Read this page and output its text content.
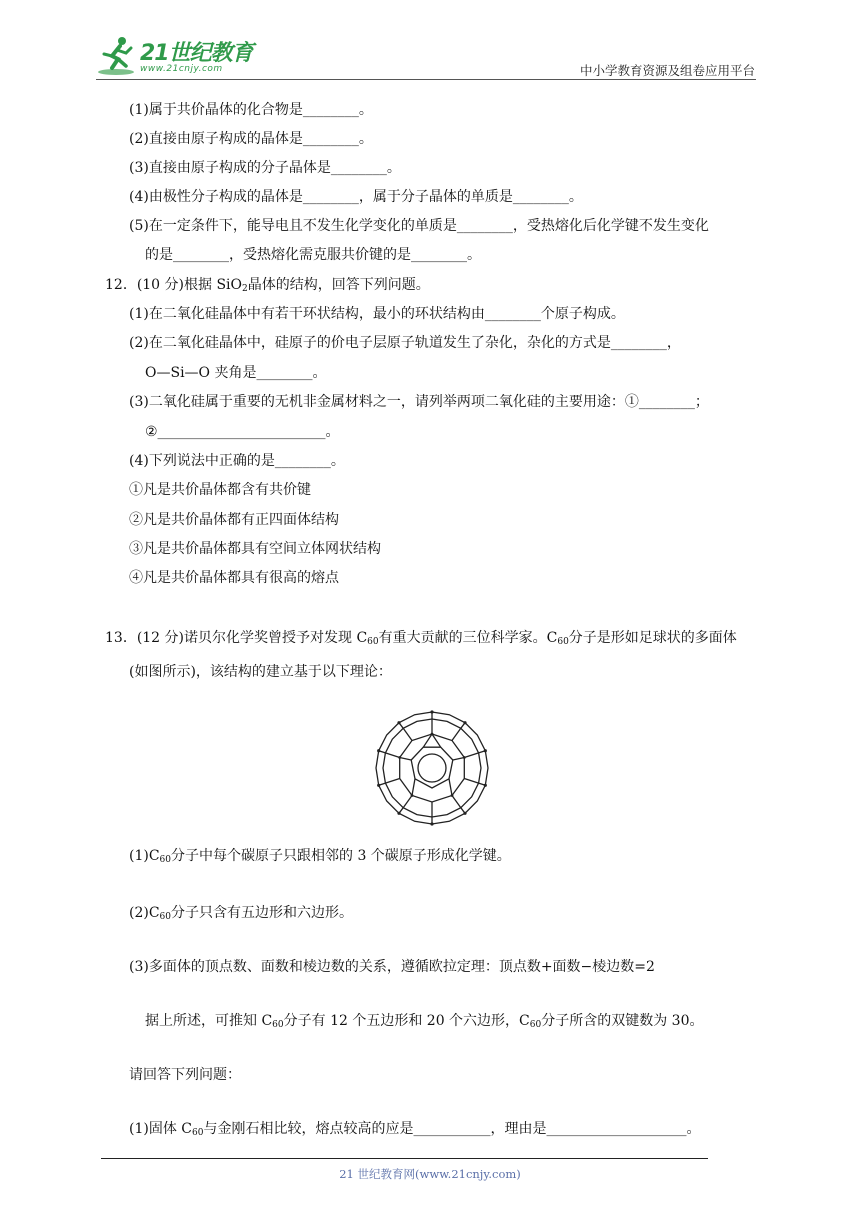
21世纪教育
www.21cnjy.com	中小学教育资源及组卷应用平台
(1)属于共价晶体的化合物是________。
(2)直接由原子构成的晶体是________。
(3)直接由原子构成的分子晶体是________。
(4)由极性分子构成的晶体是________，属于分子晶体的单质是________。
(5)在一定条件下，能导电且不发生化学变化的单质是________，受热熔化后化学键不发生变化
的是________，受热熔化需克服共价键的是________。
12．(10 分)根据 SiO$_2$晶体的结构，回答下列问题。
(1)在二氧化硅晶体中有若干环状结构，最小的环状结构由________个原子构成。
(2)在二氧化硅晶体中，硅原子的价电子层原子轨道发生了杂化，杂化的方式是________，
O—Si—O 夹角是________。
(3)二氧化硅属于重要的无机非金属材料之一，请列举两项二氧化硅的主要用途：①________；
②________________________。
(4)下列说法中正确的是________。
①凡是共价晶体都含有共价键
②凡是共价晶体都有正四面体结构
③凡是共价晶体都具有空间立体网状结构
④凡是共价晶体都具有很高的熔点
13．(12 分)诺贝尔化学奖曾授予对发现 $C_{60}$有重大贡献的三位科学家。$C_{60}$分子是形如足球状的多面体
(如图所示)，该结构的建立基于以下理论：
$(1)C_{60}$分子中每个碳原子只跟相邻的 3 个碳原子形成化学键。
$(2)C_{60}$分子只含有五边形和六边形。
(3)多面体的顶点数、面数和棱边数的关系，遵循欧拉定理：顶点数+面数−棱边数=2
据上所述，可推知 $C_{60}$分子有 12 个五边形和 20 个六边形，$C_{60}$分子所含的双键数为 30。
请回答下列问题：
(1)固体 $C_{60}$与金刚石相比较，熔点较高的应是___________，理由是____________________。
21 世纪教育网(www.21cnjy.com)
